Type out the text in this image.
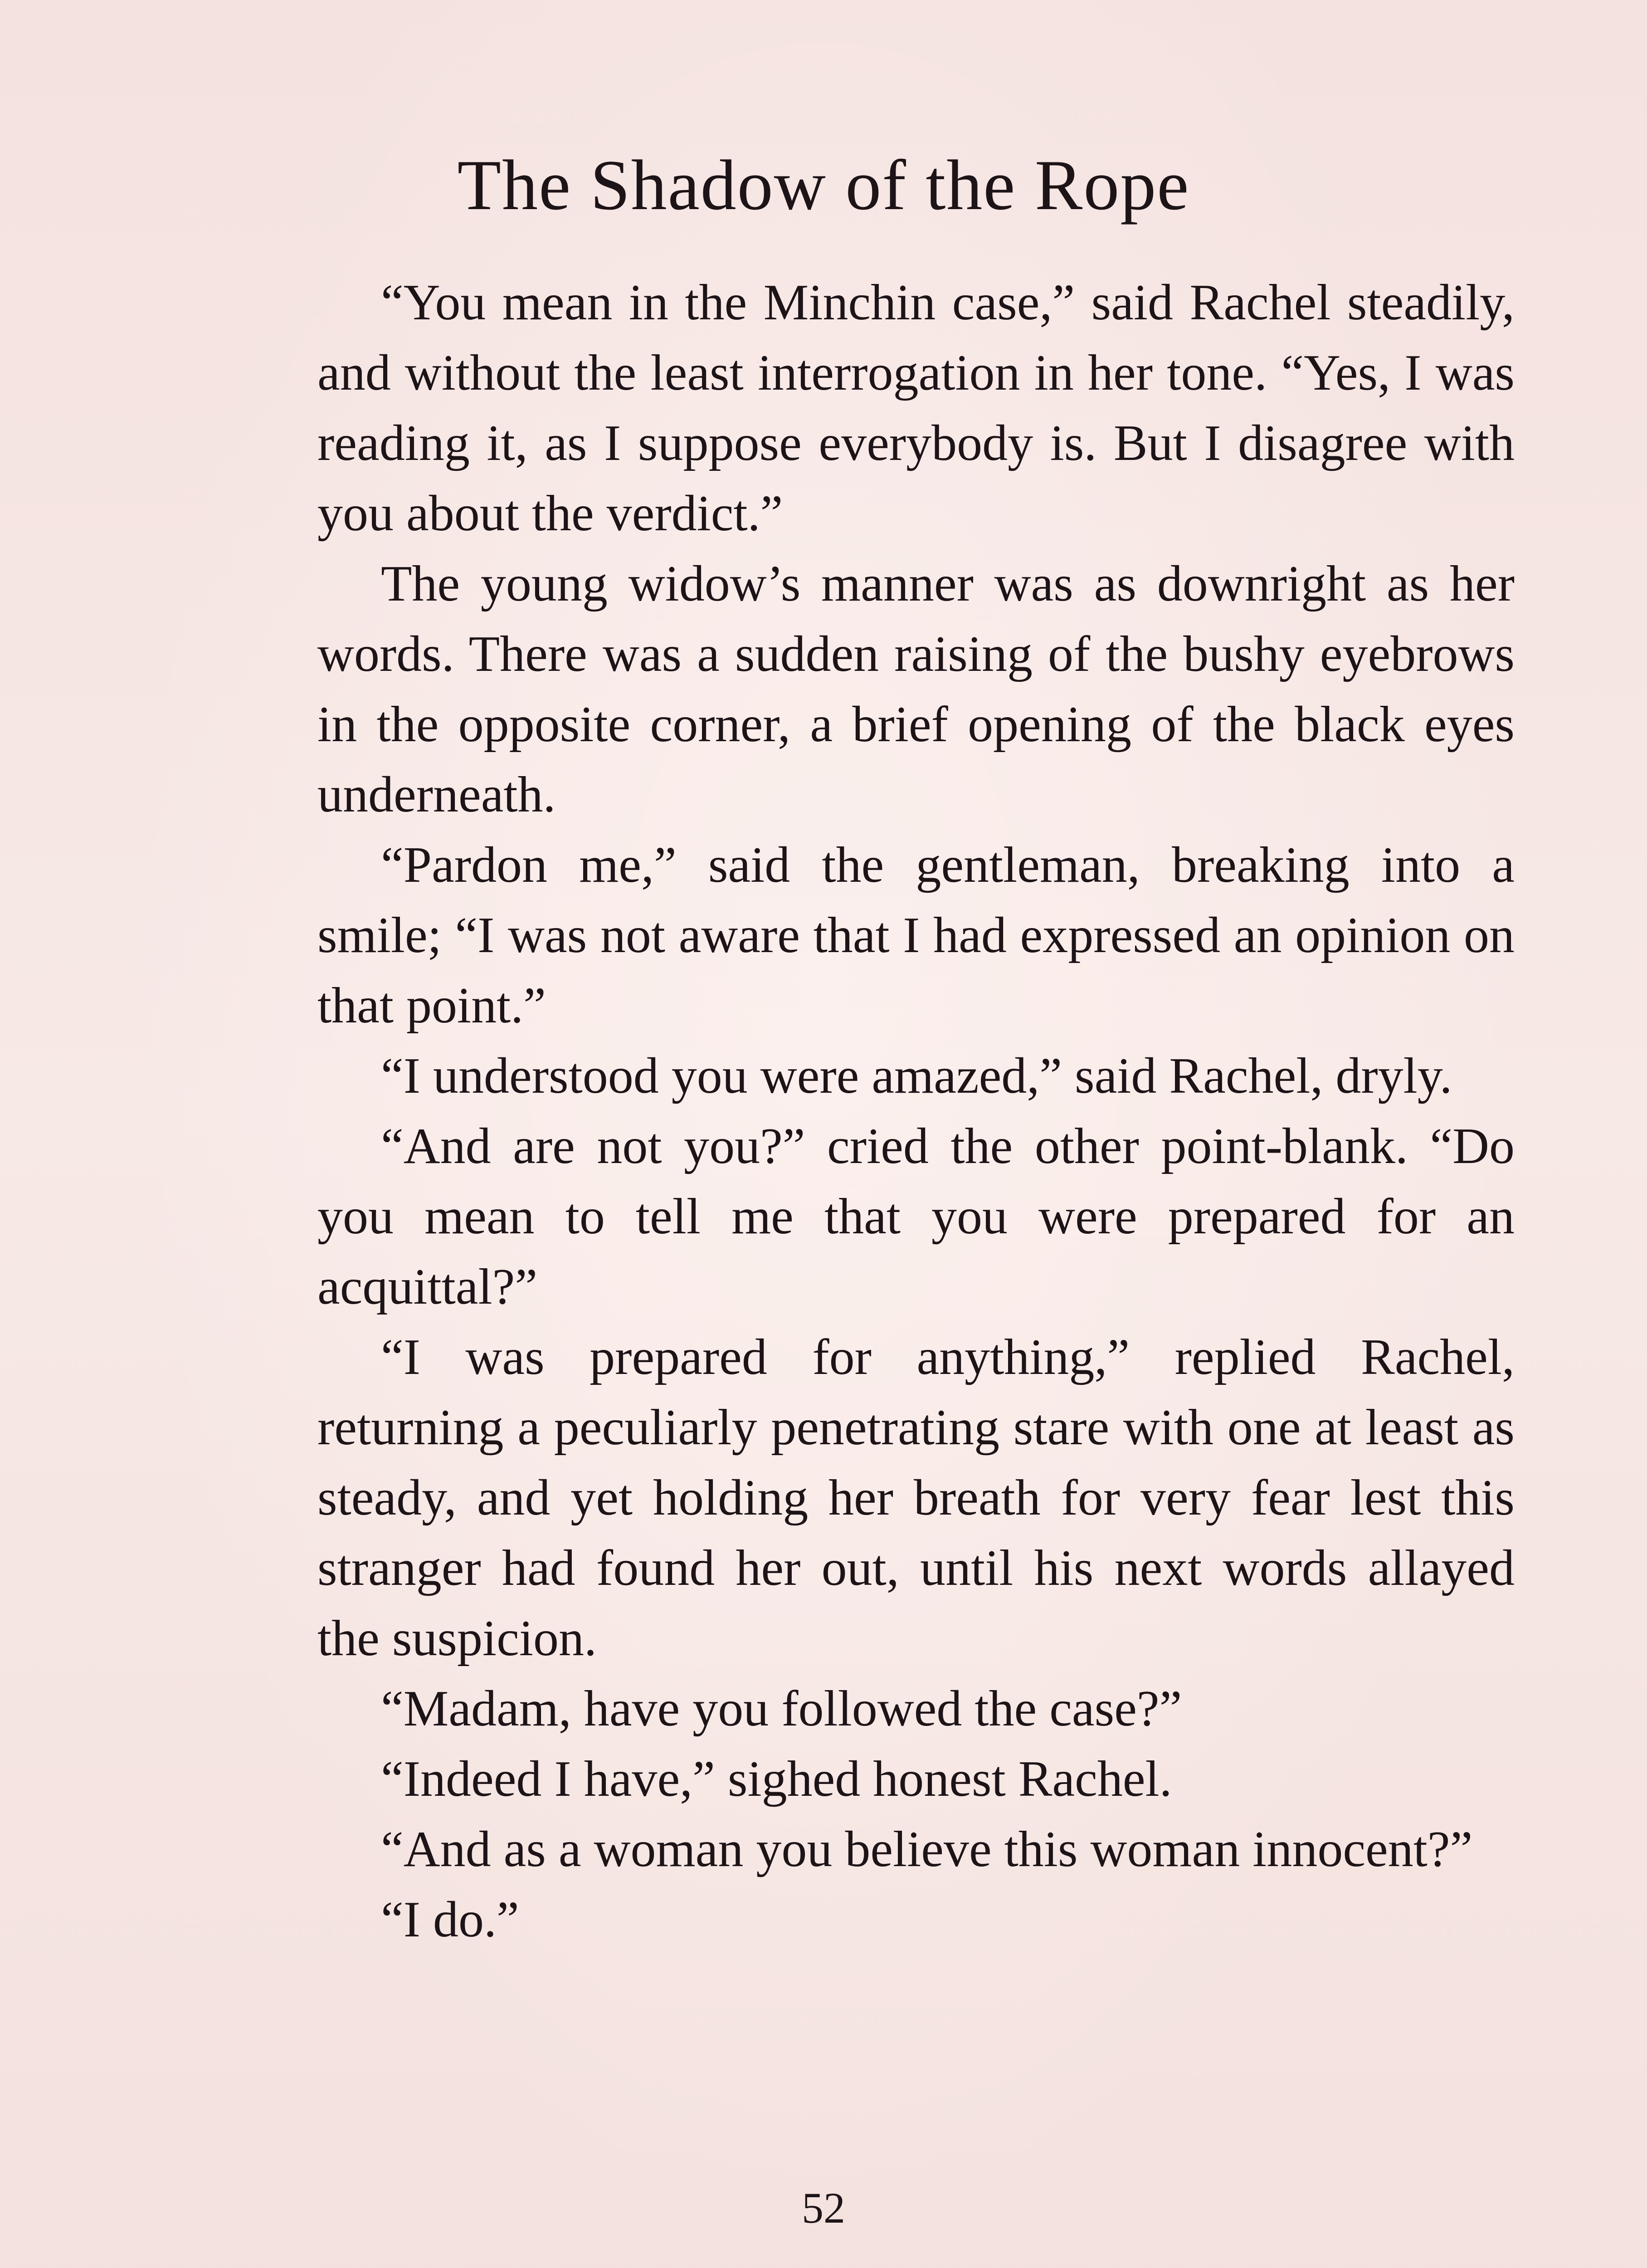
The Shadow of the Rope

“You mean in the Minchin case,” said Rachel steadily, and without the least interrogation in her tone. “Yes, I was reading it, as I suppose everybody is. But I disagree with you about the verdict.”

The young widow’s manner was as downright as her words. There was a sudden raising of the bushy eyebrows in the opposite corner, a brief opening of the black eyes underneath.

“Pardon me,” said the gentleman, breaking into a smile; “I was not aware that I had expressed an opinion on that point.”

“I understood you were amazed,” said Rachel, dryly.

“And are not you?” cried the other point-blank. “Do you mean to tell me that you were prepared for an acquittal?”

“I was prepared for anything,” replied Rachel, returning a peculiarly penetrating stare with one at least as steady, and yet holding her breath for very fear lest this stranger had found her out, until his next words allayed the suspicion.

“Madam, have you followed the case?”

“Indeed I have,” sighed honest Rachel.

“And as a woman you believe this woman innocent?”

“I do.”

52
